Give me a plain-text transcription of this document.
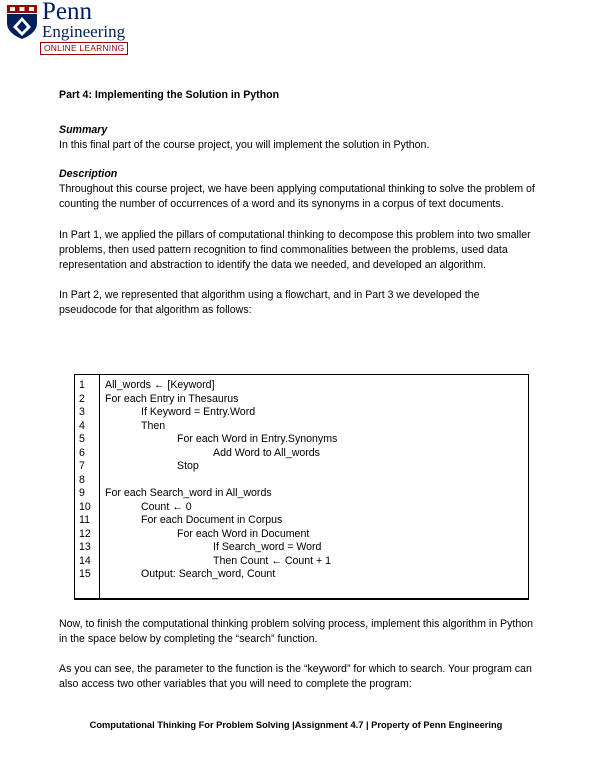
Penn
Engineering
ONLINE LEARNING

Part 4: Implementing the Solution in Python

Summary

In this final part of the course project, you will implement the solution in Python.

Description

Throughout this course project, we have been applying computational thinking to solve the problem of counting the number of occurrences of a word and its synonyms in a corpus of text documents.

In Part 1, we applied the pillars of computational thinking to decompose this problem into two smaller problems, then used pattern recognition to find commonalities between the problems, used data representation and abstraction to identify the data we needed, and developed an algorithm.

In Part 2, we represented that algorithm using a flowchart, and in Part 3 we developed the pseudocode for that algorithm as follows:

1 All_words ← [Keyword]
2 For each Entry in Thesaurus
3	If Keyword = Entry.Word
4	Then
5	For each Word in Entry.Synonyms
6	Add Word to All_words
7	Stop
8
9 For each Search_word in All_words
10	Count ← 0
11	For each Document in Corpus
12	For each Word in Document
13	If Search_word = Word
14	Then Count ← Count + 1
15	Output: Search_word, Count

Now, to finish the computational thinking problem solving process, implement this algorithm in Python in the space below by completing the “search” function.

As you can see, the parameter to the function is the “keyword” for which to search. Your program can also access two other variables that you will need to complete the program:

Computational Thinking For Problem Solving |Assignment 4.7 | Property of Penn Engineering
